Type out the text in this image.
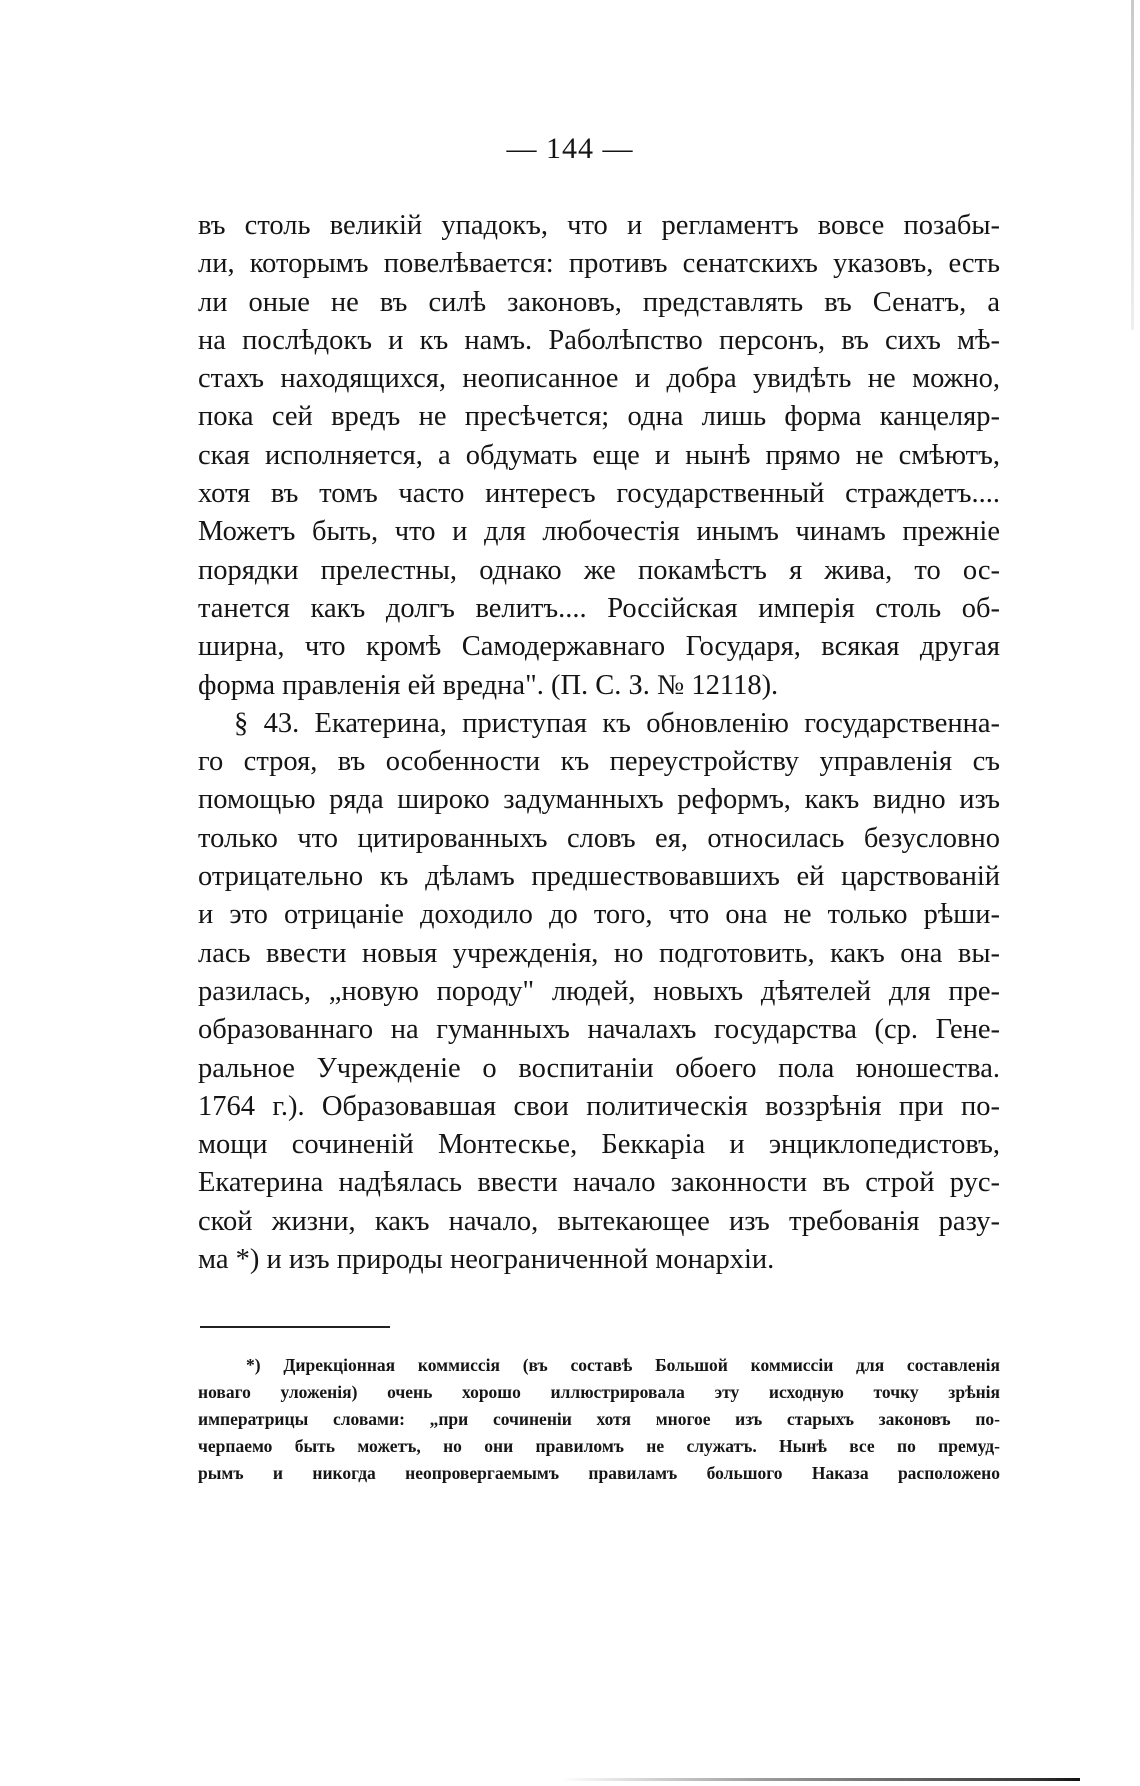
— 144 —
въ столь великій упадокъ, что и регламентъ вовсе позабы-
ли, которымъ повелѣвается: противъ сенатскихъ указовъ, есть
ли оные не въ силѣ законовъ, представлять въ Сенатъ, а
на послѣдокъ и къ намъ. Раболѣпство персонъ, въ сихъ мѣ-
стахъ находящихся, неописанное и добра увидѣть не можно,
пока сей вредъ не пресѣчется; одна лишь форма канцеляр-
ская исполняется, а обдумать еще и нынѣ прямо не смѣютъ,
хотя въ томъ часто интересъ государственный страждетъ....
Можетъ быть, что и для любочестія инымъ чинамъ прежніе
порядки прелестны, однако же покамѣстъ я жива, то ос-
танется какъ долгъ велитъ.... Россійская имперія столь об-
ширна, что кромѣ Самодержавнаго Государя, всякая другая
форма правленія ей вредна". (П. С. З. № 12118).
§ 43. Екатерина, приступая къ обновленію государственна-
го строя, въ особенности къ переустройству управленія съ
помощью ряда широко задуманныхъ реформъ, какъ видно изъ
только что цитированныхъ словъ ея, относилась безусловно
отрицательно къ дѣламъ предшествовавшихъ ей царствованій
и это отрицаніе доходило до того, что она не только рѣши-
лась ввести новыя учрежденія, но подготовить, какъ она вы-
разилась, „новую породу" людей, новыхъ дѣятелей для пре-
образованнаго на гуманныхъ началахъ государства (ср. Гене-
ральное Учрежденіе о воспитаніи обоего пола юношества.
1764 г.). Образовавшая свои политическія воззрѣнія при по-
мощи сочиненій Монтескье, Беккаріа и энциклопедистовъ,
Екатерина надѣялась ввести начало законности въ строй рус-
ской жизни, какъ начало, вытекающее изъ требованія разу-
ма *) и изъ природы неограниченной монархіи.
*) Дирекціонная коммиссія (въ составѣ Большой коммиссіи для составленія
новаго уложенія) очень хорошо иллюстрировала эту исходную точку зрѣнія
императрицы словами: „при сочиненіи хотя многое изъ старыхъ законовъ по-
черпаемо быть можетъ, но они правиломъ не служатъ. Нынѣ все по премуд-
рымъ и никогда неопровергаемымъ правиламъ большого Наказа расположено
